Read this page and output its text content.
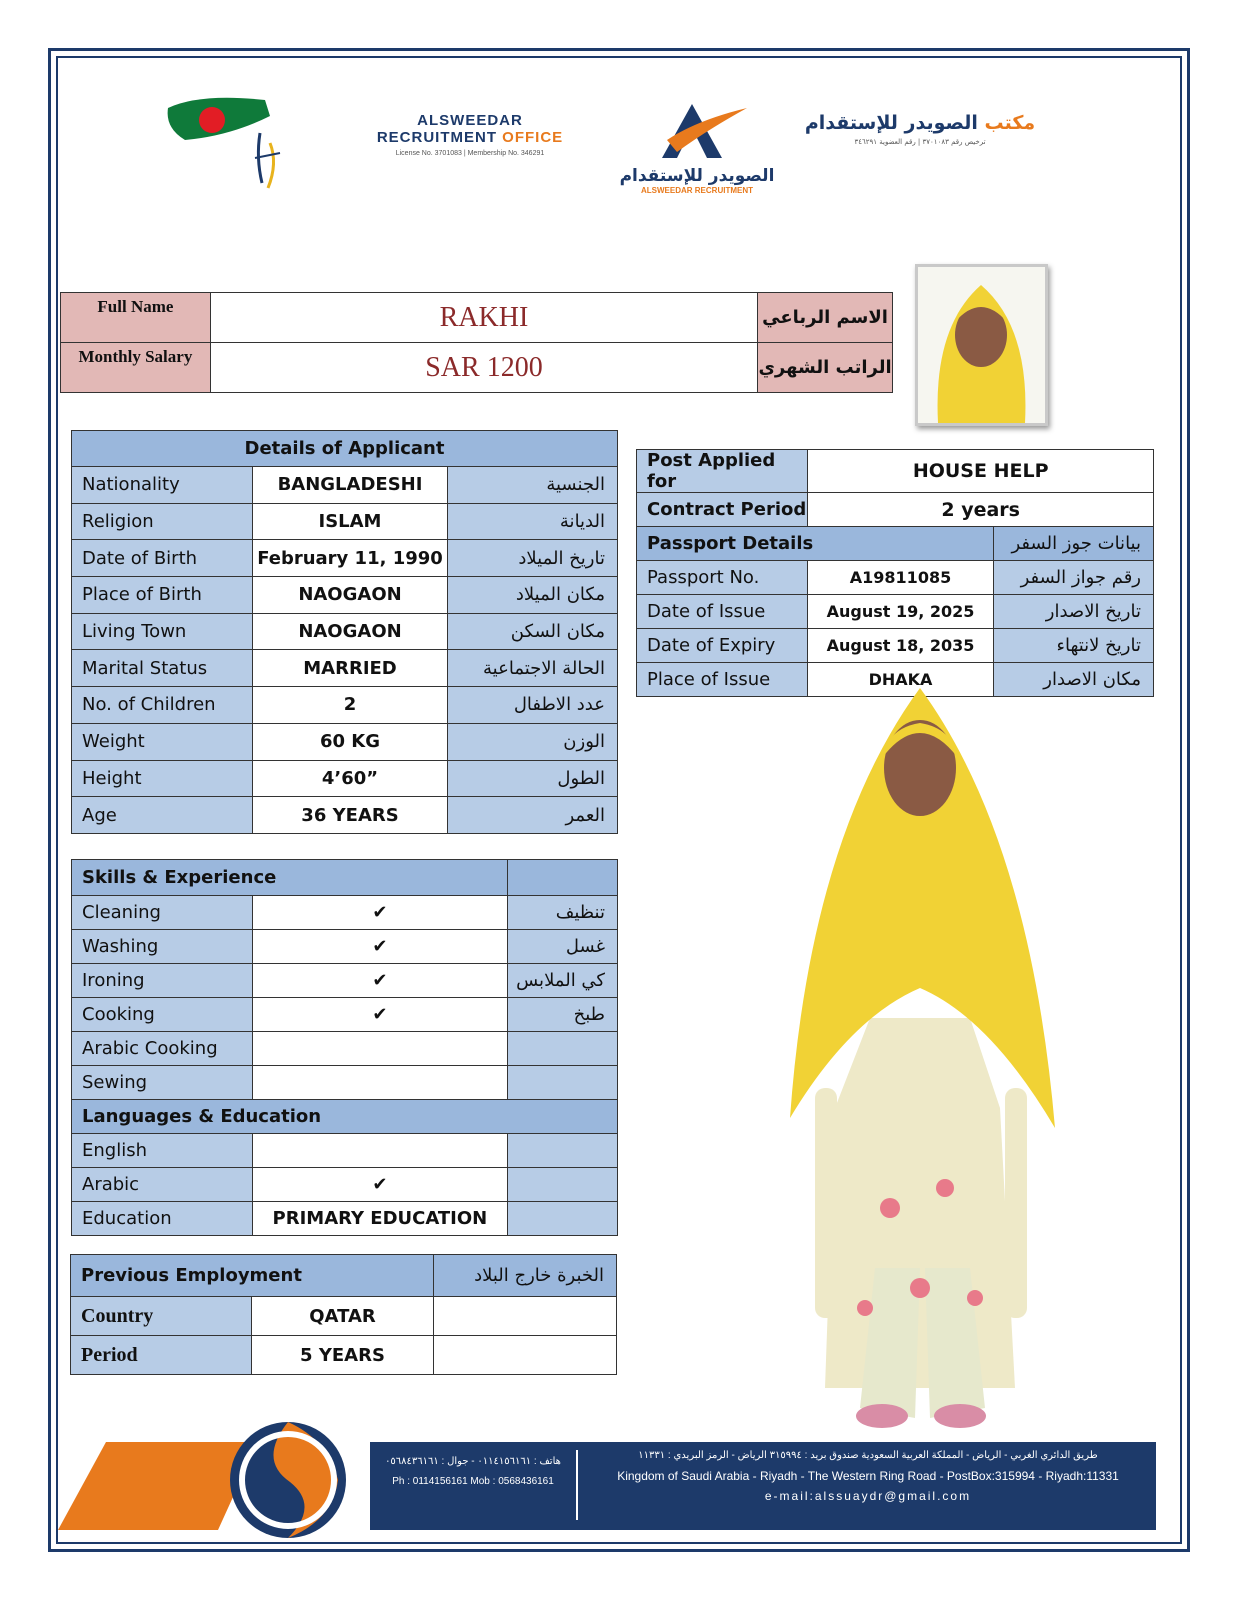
ALSWEEDAR
RECRUITMENT OFFICE
License No. 3701083 | Membership No. 346291
الصويدر للإستقدام
ALSWEEDAR RECRUITMENT
مكتب الصويدر للإستقدام
ترخيص رقم ٣٧٠١٠٨٣ | رقم العضوية ٣٤٦٢٩١
Full Name	RAKHI	الاسم الرباعي
Monthly Salary	SAR 1200	الراتب الشهري
Details of Applicant		
Nationality	BANGLADESHI	الجنسية
Religion	ISLAM	الديانة
Date of Birth	February 11, 1990	تاريخ الميلاد
Place of Birth	NAOGAON	مكان الميلاد
Living Town	NAOGAON	مكان السكن
Marital Status	MARRIED	الحالة الاجتماعية
No. of Children	2	عدد الاطفال
Weight	60 KG	الوزن
Height	4’60”	الطول
Age	36 YEARS	العمر
Post Applied for	HOUSE HELP	
Contract Period	2 years	
Passport Details		بيانات جوز السفر
Passport No.	A19811085	رقم جواز السفر
Date of Issue	August 19, 2025	تاريخ الاصدار
Date of Expiry	August 18, 2035	تاريخ لانتهاء
Place of Issue	DHAKA	مكان الاصدار
Skills & Experience		
Cleaning	✔	تنظيف
Washing	✔	غسل
Ironing	✔	كي الملابس
Cooking	✔	طبخ
Arabic Cooking		
Sewing		
Languages & Education		
English		
Arabic	✔	
Education	PRIMARY EDUCATION	
Previous Employment		الخبرة خارج البلاد
Country	QATAR	
Period	5 YEARS	
هاتف : ٠١١٤١٥٦١٦١ - جوال : ٠٥٦٨٤٣٦١٦١
Ph : 0114156161 Mob : 0568436161
طريق الدائري الغربي - الرياض - المملكة العربية السعودية صندوق بريد : ٣١٥٩٩٤ الرياض - الرمز البريدي : ١١٣٣١
Kingdom of Saudi Arabia - Riyadh - The Western Ring Road - PostBox:315994 - Riyadh:11331
e-mail:alssuaydr@gmail.com
